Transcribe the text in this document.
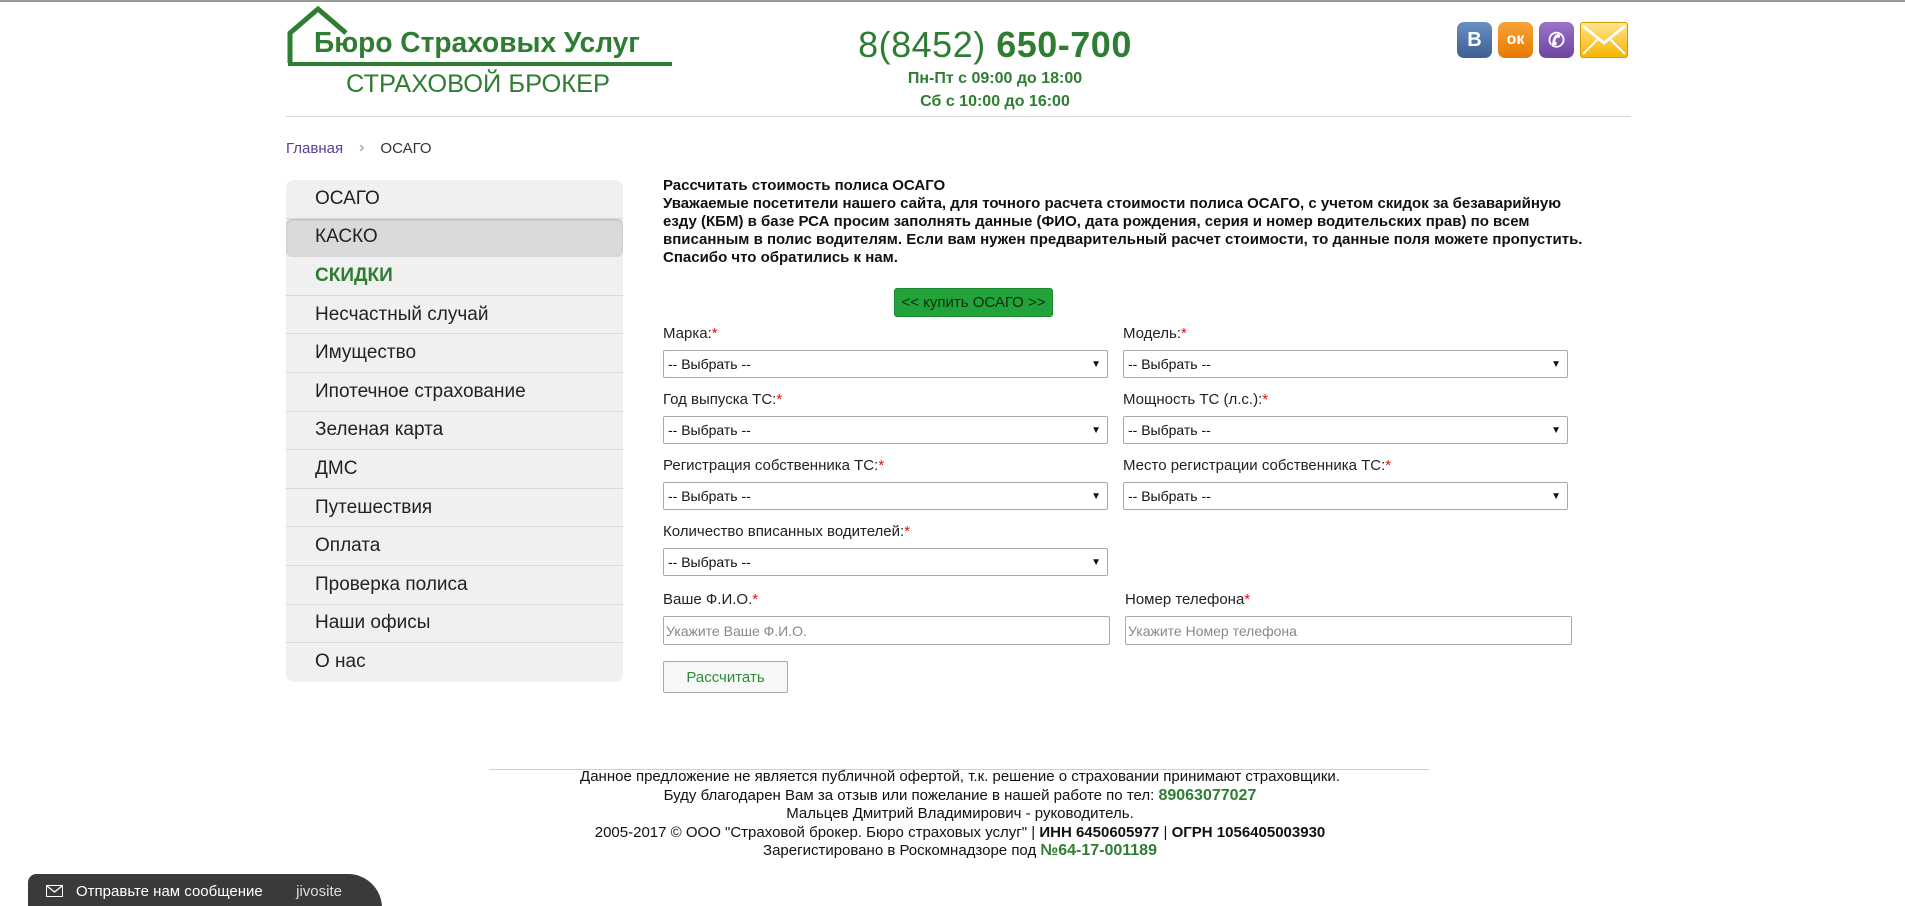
Бюро Страховых Услуг
СТРАХОВОЙ БРОКЕР
8(8452) 650-700
Пн-Пт с 09:00 до 18:00
Сб с 10:00 до 16:00
В	ок	✆
Главная › ОСАГО
ОСАГО
КАСКО
СКИДКИ
Несчастный случай
Имущество
Ипотечное страхование
Зеленая карта
ДМС
Путешествия
Оплата
Проверка полиса
Наши офисы
О нас
Рассчитать стоимость полиса ОСАГО
Уважаемые посетители нашего сайта, для точного расчета стоимости полиса ОСАГО, с учетом скидок за безаварийную езду (КБМ) в базе РСА просим заполнять данные (ФИО, дата рождения, серия и номер водительских прав) по всем вписанным в полис водителям. Если вам нужен предварительный расчет стоимости, то данные поля можете пропустить. Спасибо что обратились к нам.
<< купить ОСАГО >>
Марка:*
-- Выбрать --	▼
Модель:*
-- Выбрать --	▼
Год выпуска ТС:*
-- Выбрать --	▼
Мощность ТС (л.с.):*
-- Выбрать --	▼
Регистрация собственника ТС:*
-- Выбрать --	▼
Место регистрации собственника ТС:*
-- Выбрать --	▼
Количество вписанных водителей:*
-- Выбрать --	▼
Ваше Ф.И.О.*
Укажите Ваше Ф.И.О.
Номер телефона*
Укажите Номер телефона
Рассчитать
Данное предложение не является публичной офертой, т.к. решение о страховании принимают страховщики.
Буду благодарен Вам за отзыв или пожелание в нашей работе по тел: 89063077027
Мальцев Дмитрий Владимирович - руководитель.
2005-2017 © ООО "Страховой брокер. Бюро страховых услуг" | ИНН 6450605977 | ОГРН 1056405003930
Зарегистировано в Роскомнадзоре под №64-17-001189
Отправьте нам сообщение jivosite
